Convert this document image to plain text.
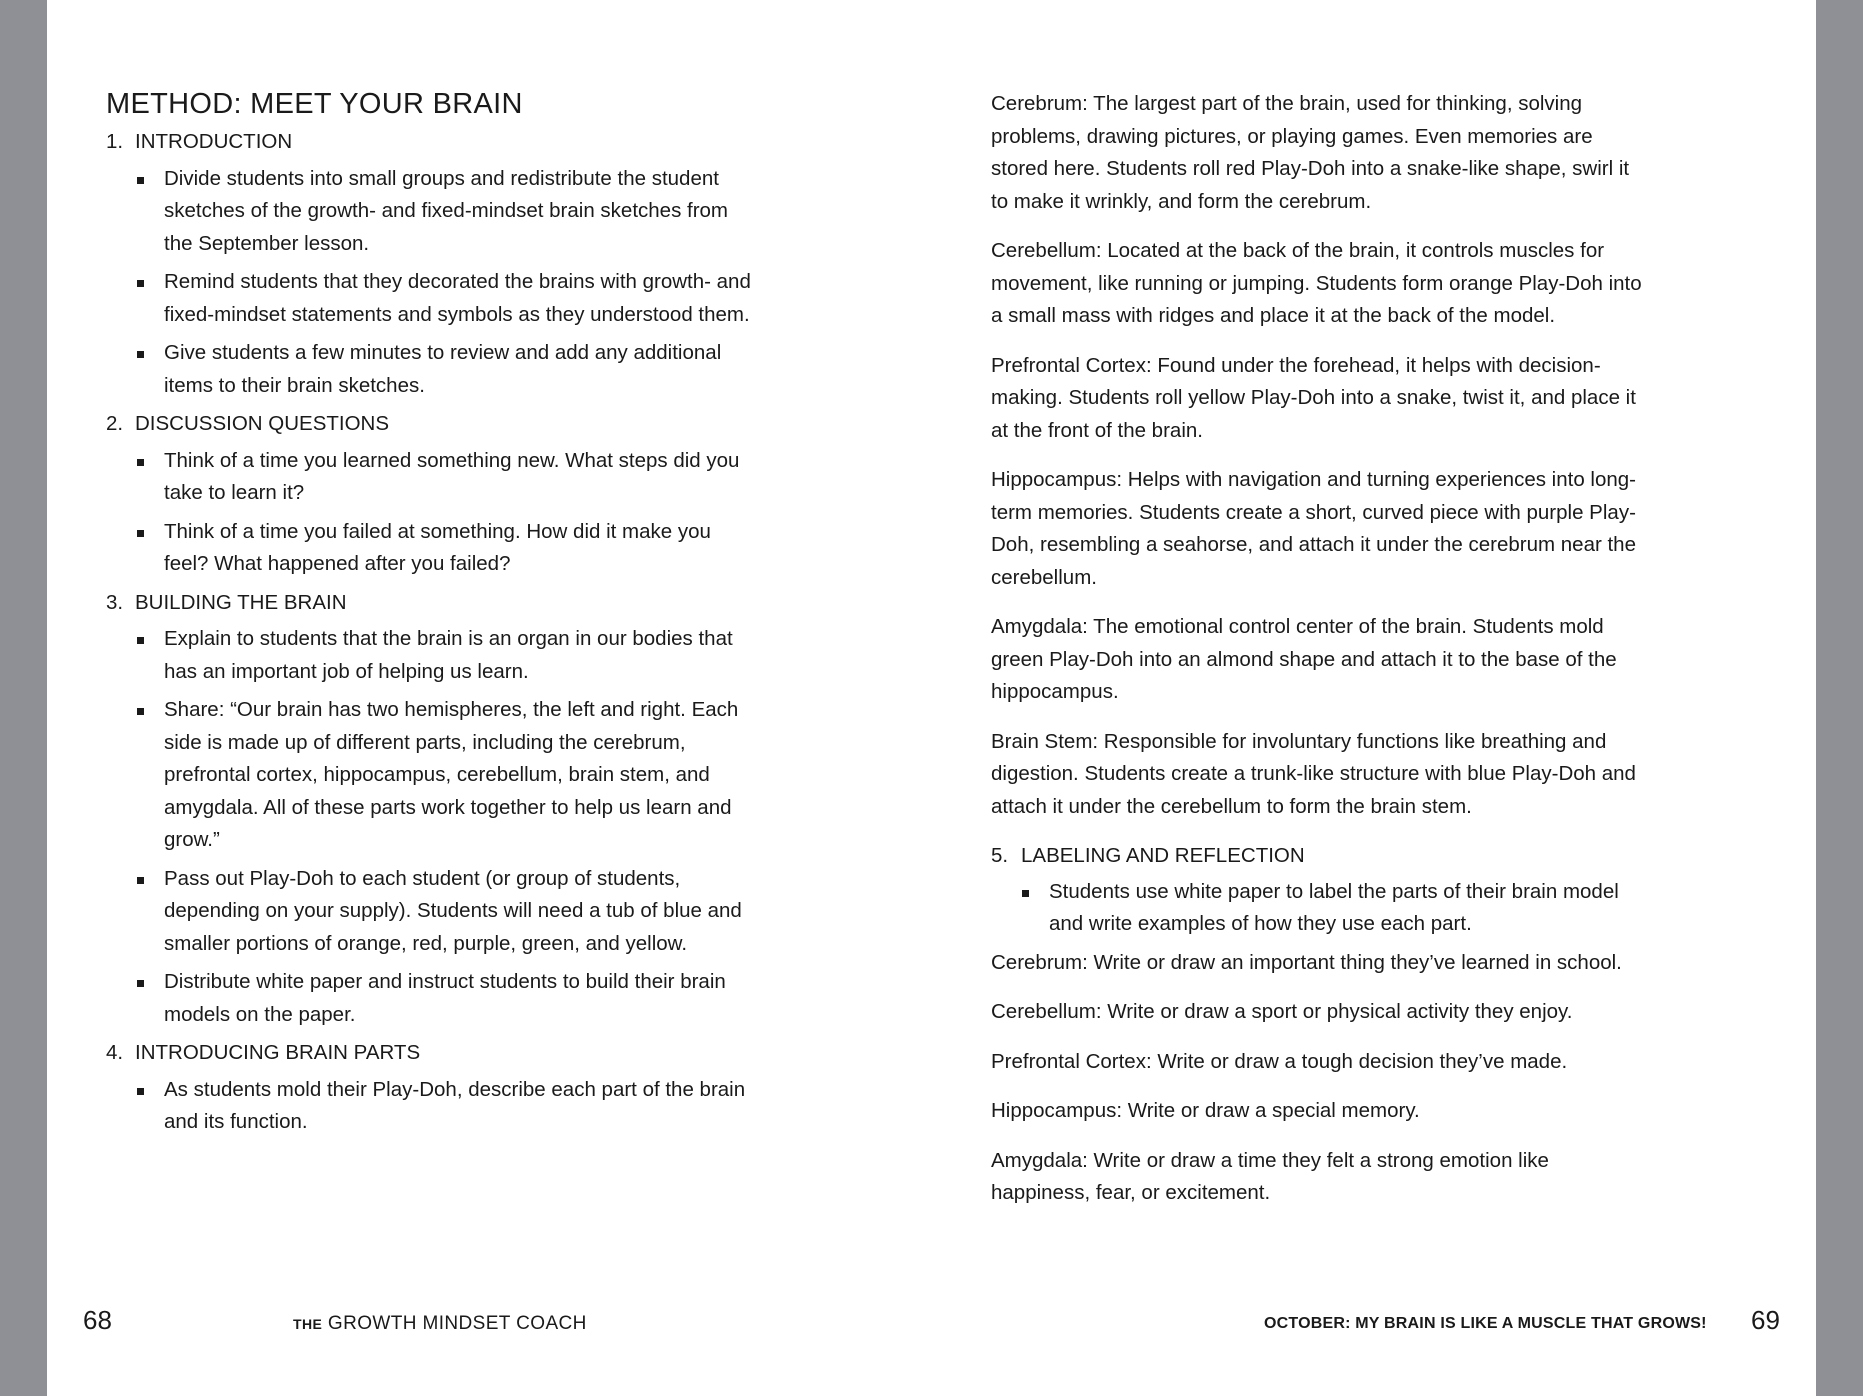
METHOD: MEET YOUR BRAIN
1. INTRODUCTION
Divide students into small groups and redistribute the student sketches of the growth- and fixed-mindset brain sketches from the September lesson.
Remind students that they decorated the brains with growth- and fixed-mindset statements and symbols as they understood them.
Give students a few minutes to review and add any additional items to their brain sketches.
2. DISCUSSION QUESTIONS
Think of a time you learned something new. What steps did you take to learn it?
Think of a time you failed at something. How did it make you feel? What happened after you failed?
3. BUILDING THE BRAIN
Explain to students that the brain is an organ in our bodies that has an important job of helping us learn.
Share: “Our brain has two hemispheres, the left and right. Each side is made up of different parts, including the cerebrum, prefrontal cortex, hippocampus, cerebellum, brain stem, and amygdala. All of these parts work together to help us learn and grow.”
Pass out Play-Doh to each student (or group of students, depending on your supply). Students will need a tub of blue and smaller portions of orange, red, purple, green, and yellow.
Distribute white paper and instruct students to build their brain models on the paper.
4. INTRODUCING BRAIN PARTS
As students mold their Play-Doh, describe each part of the brain and its function.
68	THE GROWTH MINDSET COACH

Cerebrum: The largest part of the brain, used for thinking, solving problems, drawing pictures, or playing games. Even memories are stored here. Students roll red Play-Doh into a snake-like shape, swirl it to make it wrinkly, and form the cerebrum.

Cerebellum: Located at the back of the brain, it controls muscles for movement, like running or jumping. Students form orange Play-Doh into a small mass with ridges and place it at the back of the model.

Prefrontal Cortex: Found under the forehead, it helps with decision-making. Students roll yellow Play-Doh into a snake, twist it, and place it at the front of the brain.

Hippocampus: Helps with navigation and turning experiences into long-term memories. Students create a short, curved piece with purple Play-Doh, resembling a seahorse, and attach it under the cerebrum near the cerebellum.

Amygdala: The emotional control center of the brain. Students mold green Play-Doh into an almond shape and attach it to the base of the hippocampus.

Brain Stem: Responsible for involuntary functions like breathing and digestion. Students create a trunk-like structure with blue Play-Doh and attach it under the cerebellum to form the brain stem.

5. LABELING AND REFLECTION
Students use white paper to label the parts of their brain model and write examples of how they use each part.

Cerebrum: Write or draw an important thing they’ve learned in school.

Cerebellum: Write or draw a sport or physical activity they enjoy.

Prefrontal Cortex: Write or draw a tough decision they’ve made.

Hippocampus: Write or draw a special memory.

Amygdala: Write or draw a time they felt a strong emotion like happiness, fear, or excitement.

OCTOBER: MY BRAIN IS LIKE A MUSCLE THAT GROWS! 69
